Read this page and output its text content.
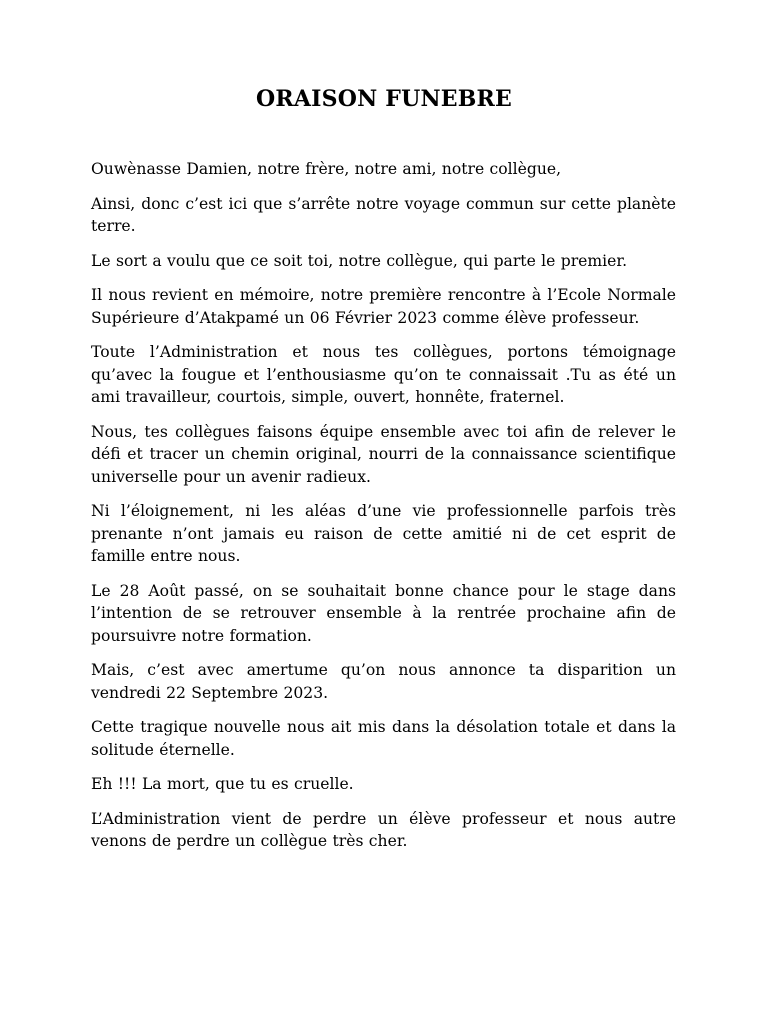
ORAISON FUNEBRE

Ouwènasse Damien, notre frère, notre ami, notre collègue,

Ainsi, donc c’est ici que s’arrête notre voyage commun sur cette planète terre.

Le sort a voulu que ce soit toi, notre collègue, qui parte le premier.

Il nous revient en mémoire, notre première rencontre à l’Ecole Normale Supérieure d’Atakpamé un 06 Février 2023 comme élève professeur.

Toute l’Administration et nous tes collègues, portons témoignage qu’avec la fougue et l’enthousiasme qu’on te connaissait .Tu as été un ami travailleur, courtois, simple, ouvert, honnête, fraternel.

Nous, tes collègues faisons équipe ensemble avec toi afin de relever le défi et tracer un chemin original, nourri de la connaissance scientifique universelle pour un avenir radieux.

Ni l’éloignement, ni les aléas d’une vie professionnelle parfois très prenante n’ont jamais eu raison de cette amitié ni de cet esprit de famille entre nous.

Le 28 Août passé, on se souhaitait bonne chance pour le stage dans l’intention de se retrouver ensemble à la rentrée prochaine afin de poursuivre notre formation.

Mais, c’est avec amertume qu’on nous annonce ta disparition un vendredi 22 Septembre 2023.

Cette tragique nouvelle nous ait mis dans la désolation totale et dans la solitude éternelle.

Eh !!! La mort, que tu es cruelle.

L’Administration vient de perdre un élève professeur et nous autre venons de perdre un collègue très cher.
